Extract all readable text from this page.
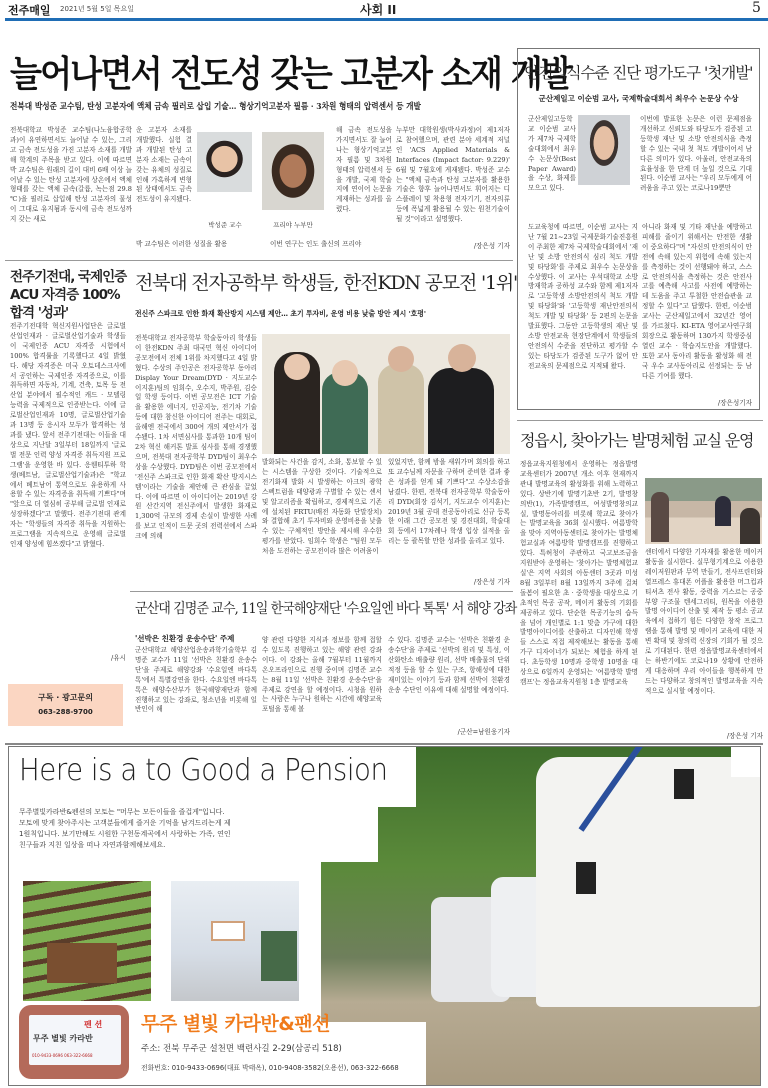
전주매일 2021년 5월 5일 목요일	사회 II	5
늘어나면서 전도성 갖는 고분자 소재 개발
전북대 박성준 교수팀, 탄성 고분자에 액체 금속 필러로 삽입 기술… 형상기억고분자 필름 · 3차원 형태의 압력센서 등 개발
전북대학교 박성준 교수팀(나노융합공학과)이 유연하면서도 늘어날 수 있는, 그리고 금속 전도성을 가진 고분자 소재를 개발해 학계의 주목을 받고 있다. 이에 따르면 박 교수팀은 원래의 길이 대비 6배 이상 늘어날 수 있는 탄성 고분자에 상온에서 액체 형태를 갖는 액체 금속(갈륨, 녹는점 29.8 ℃)을 필러로 삽입해 탄성 고분자의 물성이 그대로 유지됨과 동시에 금속 전도성까지 갖는 새로
운 고분자 소재를 개발했다. 실험 결과 개발된 탄성 고분자 소재는 금속이 갖는 유체의 성질로 인해 가혹하게 변형된 상태에서도 금속 전도성이 유지됐다.
박 교수팀은 이러한 성질을 활용
박성준 교수	프리야 누부만
해 금속 전도성을 가지면서도 잘 늘어나는 형상기억고분자 필름 및 3차원 형태의 압력센서 등을 개발, 국제 학술지에 연이어 논문을 게재하는 성과를 올렸다.
이번 연구는 인도 출신의 프리야
누부만 대학원생(박사과정)이 제1저자로 참여했으며, 관련 분야 세계적 저널인 'ACS Applied Materials & Interfaces (Impact factor: 9.229)' 6월 및 7월호에 게재됐다. 박성준 교수는 "액체 금속과 탄성 고분자를 활용한 기술은 향후 늘어나면서도 휘어지는 디스플레이 및 착용형 전자기기, 전자의류 등에 폭넓게 활용될 수 있는 원천기술이 될 것"이라고 설명했다.
/장은성 기자
안전의식수준 진단 평가도구 '첫개발'
군산제일고 이순범 교사, 국제학술대회서 최우수 논문상 수상
군산제일고등학교 이순범 교사가 제7차 국제학술대회에서 최우수 논문상(Best Paper Award)을 수상, 화제를 모으고 있다.
이번에 발표한 논문은 이런 문제점을 개선하고 신뢰도와 타당도가 검증된 고등학생 재난 및 소방 안전의식을 측정할 수 있는 국내 첫 척도 개발이어서 남다른 의미가 있다. 아울러, 안전교육의 효율성을 한 단계 더 높일 것으로 기대된다. 이순범 교사는 "우리 모두에게 어려움을 주고 있는 코로나19뿐만
도교육청에 따르면, 이순범 교사는 지난 7월 21~23일 국제문화기술진흥원이 주최한 제7차 국제학술대회에서 '재난 및 소방 안전의식 심리 척도 개발 및 타당화'를 주제로 최우수 논문상을 수상했다. 이 교사는 우석대학교 소방방재학과 공하성 교수와 함께 제1저자로 '고등학생 소방안전의식 척도 개발 및 타당화'와 '고등학생 재난안전의식 척도 개발 및 타당화' 등 2편의 논문을 발표했다. 그동안 고등학생의 재난 및 소방 안전교육 현장단계에서 학생들의 안전의식 수준을 진단하고 평가할 수 있는 타당도가 검증된 도구가 없어 안전교육의 문제점으로 지적돼 왔다.
아니라 화재 및 기타 재난을 예방하고 피해를 줄이기 위해서는 안전한 생활이 중요하다"며 "자신의 안전의식이 안전에 속해 있는지 위험에 속해 있는지를 측정하는 것이 선행돼야 하고, 스스로 안전의식을 측정하는 것은 안전사고를 예측해 사고를 사전에 예방하는데 도움을 주고 투철한 안전습관을 교정할 수 있다"고 답했다. 한편, 이순범 교사는 군산제일고에서 32년간 영어를 가르쳤다. KI-ETA 영어교사연구회 회장으로 활동하며 130가지 학생중심 열린 교수 · 학습지도안을 개발했다. 또한 교사 동아리 활동을 활성화 해 전국 우수 교사동아리로 선정되는 등 남다른 기여를 했다.
/장은성기자
전주기전대, 국제인증 ACU 자격증 100% 합격 '성과'
전주기전대학 혁신지원사업단은 글로벌산업인재과 · 글로벌산업기술과 학생들이 국제인증 ACU 자격증 시험에서 100% 합격률을 기록했다고 4일 밝혔다. 해당 자격증은 미국 오토데스크사에서 공인하는 국제인증 자격증으로, 이를 취득하면 자동차, 기계, 건축, 토목 등 전 산업 분야에서 필수적인 캐드 · 모델링 능력을 국제적으로 인증받는다. 이에 글로벌산업인재과 10명, 글로벌산업기술과 13명 등 응시자 모두가 합격하는 성과를 냈다. 앞서 전주기전대는 이들을 대상으로 지난달 3일부터 18일까지 '글로벌 전문 인력 양성 자격증 취득지원 프로그램'을 운영한 바 있다. 응웬티투하 학생(베트남, 글로벌산업기술과)은 "학교에서 베트남어 통역으로도 유용하게 사용할 수 있는 자격증을 취득해 기쁘다"며 "앞으로 더 열심히 공부해 글로벌 인재로 성장하겠다"고 말했다. 전주기전대 관계자는 "학생들의 자격증 취득을 지원하는 프로그램을 지속적으로 운영해 글로벌 인재 양성에 힘쓰겠다"고 밝혔다.
/유시
구독 · 광고문의
063-288-9700
전북대 전자공학부 학생들, 한전KDN 공모전 '1위'
전신주 스파크로 인한 화재 확산방지 시스템 제안… 초기 투자비, 운영 비용 낮출 방안 제시 '호평'
전북대학교 전자공학부 학술동아리 학생들이 한전KDN 주최 대국민 혁신 아이디어 공모전에서 전체 1위를 차지했다고 4일 밝혔다. 수상의 주인공은 전자공학부 동아리 Display Your Dream(DYD · 지도교수 이지훈)팀의 임희수, 오수지, 박주원, 김승일 학생 등이다. 이번 공모전은 ICT 기술을 활용한 에너지, 인공지능, 전기차 기술 등에 대한 참신한 아이디어 전주는 대회로, 올해엔 전국에서 300여 개의 제안서가 접수됐다. 1차 서면심사를 통과한 10개 팀이 2차 혁신 해커톤 발표 심사를 통해 경쟁했으며, 전북대 전자공학부 DYD팀이 최우수상을 수상했다. DYD팀은 이번 공모전에서 '전신주 스파크로 인한 화재 확산 방지시스템'이라는 기술을 제안해 큰 관심을 끌었다. 이에 따르면 이 아이디어는 2019년 강원 산간지역 전신주에서 발생한 화재로 1,300억 규모의 경제 손실이 발생한 사례를 보고 인적이 드문 곳의 전력선에서 스파크에 의해
발화되는 사건을 감지, 소화, 통보할 수 있는 시스템을 구상한 것이다. 기술적으로 전기화재 발화 시 발생하는 아크의 광학 스펙트럼을 태양광과 구별할 수 있는 센서 및 알고리즘을 확립하고, 경제적으로 기존에 설치된 FRTU(배전 자동화 단말장치)와 결합해 초기 투자비와 운영비용을 낮출 수 있는 구체적인 방안을 제시해 우수한 평가를 받았다. 임희수 학생은 "팀원 모두 처음 도전하는 공모전이라 많은 어려움이
있었지만, 함께 밤을 새워가며 회의를 하고 또 교수님께 자문을 구하며 준비한 결과 좋은 성과를 얻게 돼 기쁘다"고 수상소감을 남겼다. 한편, 전북대 전자공학부 학술동아리 DYD(회장 김석기, 지도교수 이지훈)는 2019년 3월 공대 전공동아리로 신규 등록한 이래 그간 공모전 및 경진대회, 학술대회 등에서 17차례나 학생 입상 실적을 올리는 등 괄목할 만한 성과를 올리고 있다.
/장은성 기자
군산대 김명준 교수, 11일 한국해양재단 '수요일엔 바다 톡톡' 서 해양 강좌
'선박은 친환경 운송수단' 주제
군산대학교 해양산업운송과학기술학부 김명준 교수가 11일 '선박은 친환경 운송수단'을 주제로 해양강좌 '수요일엔 바다톡톡'에서 특별강연을 한다. 수요일엔 바다톡톡은 해양수산부가 한국해양재단과 함께 진행하고 있는 강좌로, 청소년을 비롯해 일반인이 해
양 관련 다양한 지식과 정보를 함께 접할 수 있도록 진행하고 있는 해양 관련 강좌이다. 이 강좌는 올해 7월부터 11월까지 온오프라인으로 진행 중이며 김명준 교수는 8월 11일 '선박은 친환경 운송수단'을 주제로 강연을 할 예정이다. 시청을 원하는 사람은 누구나 원하는 시간에 해양교육포털을 통해 볼
수 있다. 김명준 교수는 '선박은 친환경 운송수단'을 주제로 '선박의 원리 및 특성, 이산화탄소 배출량 원리, 선박 배출물의 단위 적정 등을 할 수 있는 구조, 항해성에 대한 재미있는 이야기 등과 함께 선박이 친환경 운송 수단인 이유에 대해 설명할 예정이다.
/군산=남원웅기자
정읍시, 찾아가는 발명체험 교실 운영
정읍교육지원청에서 운영하는 정읍발명교육센터가 2007년 개소 이후 현재까지 관내 발명교육의 활성화를 위해 노력하고 있다. 상반기에 발명기초반 2기, 발명창의반(1), 가족발명캠프, 여성발명창의교실, 발명동아리를 비롯해 학교로 찾아가는 발명교육을 36회 실시했다. 여름방학을 맞아 지역아동센터로 찾아가는 발명체험교실과 여름방학 발명캠프를 진행하고 있다. 특허청이 주관하고 국고보조금을 지원받아 운영하는 '찾아가는 발명체험교실'은 지역 사회의 아동센터 3곳과 미성 8월 3일부터 8월 13일까지 3주에 걸쳐 돌봄이 필요한 초 · 중학생을 대상으로 기초적인 목공 공작, 메이커 활동의 기회를 제공하고 있다. 단순한 목공기능의 습득을 넘어 개인별로 1:1 맞춤 가구에 대한 발명아이디어를 산출하고 디자인해 학생들 스스로 직접 제작해보는 활동을 통해 가구 디자이너가 되보는 체험을 하게 된다. 초등학생 10명과 중학생 10명을 대상으로 6일까지 운영되는 '여름방학 발명캠프'는 정읍교육지원청 1층 발명교육
센터에서 다양한 기자재를 활용한 메이커 활동을 실시한다. 실무형기계으로 이용한 레이저원판과 무역 만들기, 전사프린터와 열프레스 휴대폰 어플을 활용한 머그컵과 티셔츠 전사 활동, 중력을 거스르는 공중부양 구조물 텐세그리티, 원목을 이용한 발명 아이디어 산출 및 제작 등 평소 공교육에서 접하기 힘든 다양한 창작 프로그램을 통해 발명 및 메이커 교육에 대한 저변 확대 및 창의력 신장의 기회가 될 것으로 기대된다. 한편 정읍발명교육센터에서는 하반기에도 코로나19 상황에 안전하게 대응하며 우리 아이들을 행복하게 만드는 다양하고 창의적인 발명교육을 지속적으로 실시할 예정이다.
/장은성 기자
Here is a to Good a Pension
무주별빛카라반&펜션의 모토는 "머무는 모든이들을 즐겁게"입니다. 모토에 맞게 찾아주시는 고객분들에게 즐거운 기억을 남겨드리는게 제1원칙입니다. 보기만해도 시원한 구천동계곡에서 사랑하는 가족, 연인 친구들과 지친 일상을 떠나 자연과함께해보세요.
펜 션
무주 별빛 카라반
010-9433-0696 063-322-6668
무주 별빛 카라반&팬션
주소: 전북 무주군 설천면 백련사길 2-29(삼공리 518)
전화번호: 010-9433-0696(대표 박태옥), 010-9408-3582(오용선), 063-322-6668
